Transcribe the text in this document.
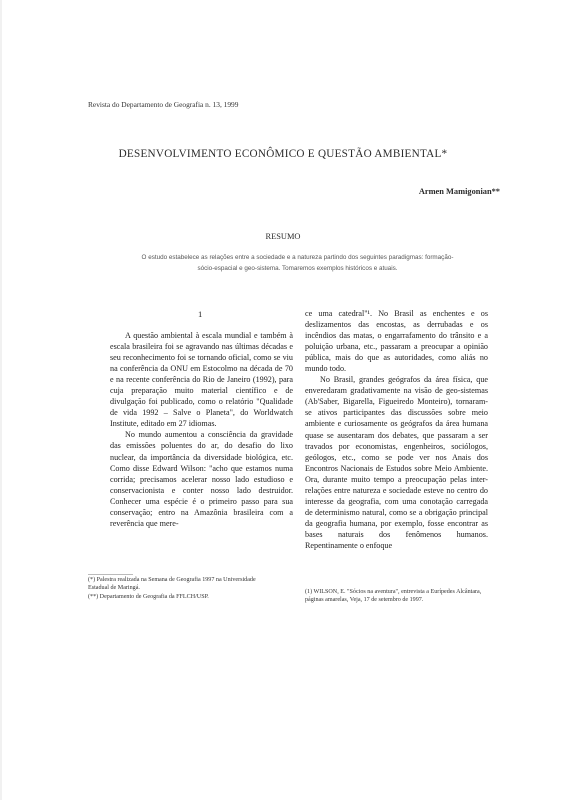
Revista do Departamento de Geografia n. 13, 1999
DESENVOLVIMENTO ECONÔMICO E QUESTÃO AMBIENTAL*
Armen Mamigonian**
RESUMO
O estudo estabelece as relações entre a sociedade e a natureza partindo dos seguintes paradigmas: formação-sócio-espacial e geo-sistema. Tomaremos exemplos históricos e atuais.
1

A questão ambiental à escala mundial e também à escala brasileira foi se agravando nas últimas décadas e seu reconhecimento foi se tornando oficial, como se viu na conferência da ONU em Estocolmo na década de 70 e na recente conferência do Rio de Janeiro (1992), para cuja preparação muito material científico e de divulgação foi publicado, como o relatório "Qualidade de vida 1992 – Salve o Planeta", do Worldwatch Institute, editado em 27 idiomas.

No mundo aumentou a consciência da gravidade das emissões poluentes do ar, do desafio do lixo nuclear, da importância da diversidade biológica, etc. Como disse Edward Wilson: "acho que estamos numa corrida; precisamos acelerar nosso lado estudioso e conservacionista e conter nosso lado destruidor. Conhecer uma espécie é o primeiro passo para sua conservação; entro na Amazônia brasileira com a reverência que mere-

ce uma catedral"¹. No Brasil as enchentes e os deslizamentos das encostas, as derrubadas e os incêndios das matas, o engarrafamento do trânsito e a poluição urbana, etc., passaram a preocupar a opinião pública, mais do que as autoridades, como aliás no mundo todo.

No Brasil, grandes geógrafos da área física, que enveredaram gradativamente na visão de geo-sistemas (Ab'Saber, Bigarella, Figueiredo Monteiro), tornaram-se ativos participantes das discussões sobre meio ambiente e curiosamente os geógrafos da área humana quase se ausentaram dos debates, que passaram a ser travados por economistas, engenheiros, sociólogos, geólogos, etc., como se pode ver nos Anais dos Encontros Nacionais de Estudos sobre Meio Ambiente. Ora, durante muito tempo a preocupação pelas inter-relações entre natureza e sociedade esteve no centro do interesse da geografia, com uma conotação carregada de determinismo natural, como se a obrigação principal da geografia humana, por exemplo, fosse encontrar as bases naturais dos fenômenos humanos. Repentinamente o enfoque

(*) Palestra realizada na Semana de Geografia 1997 na Universidade Estadual de Maringá.

(**) Departamento de Geografia da FFLCH/USP.

(1) WILSON, E. "Sócios na aventura", entrevista a Eurípedes Alcântara, páginas amarelas, Veja, 17 de setembro de 1997.
